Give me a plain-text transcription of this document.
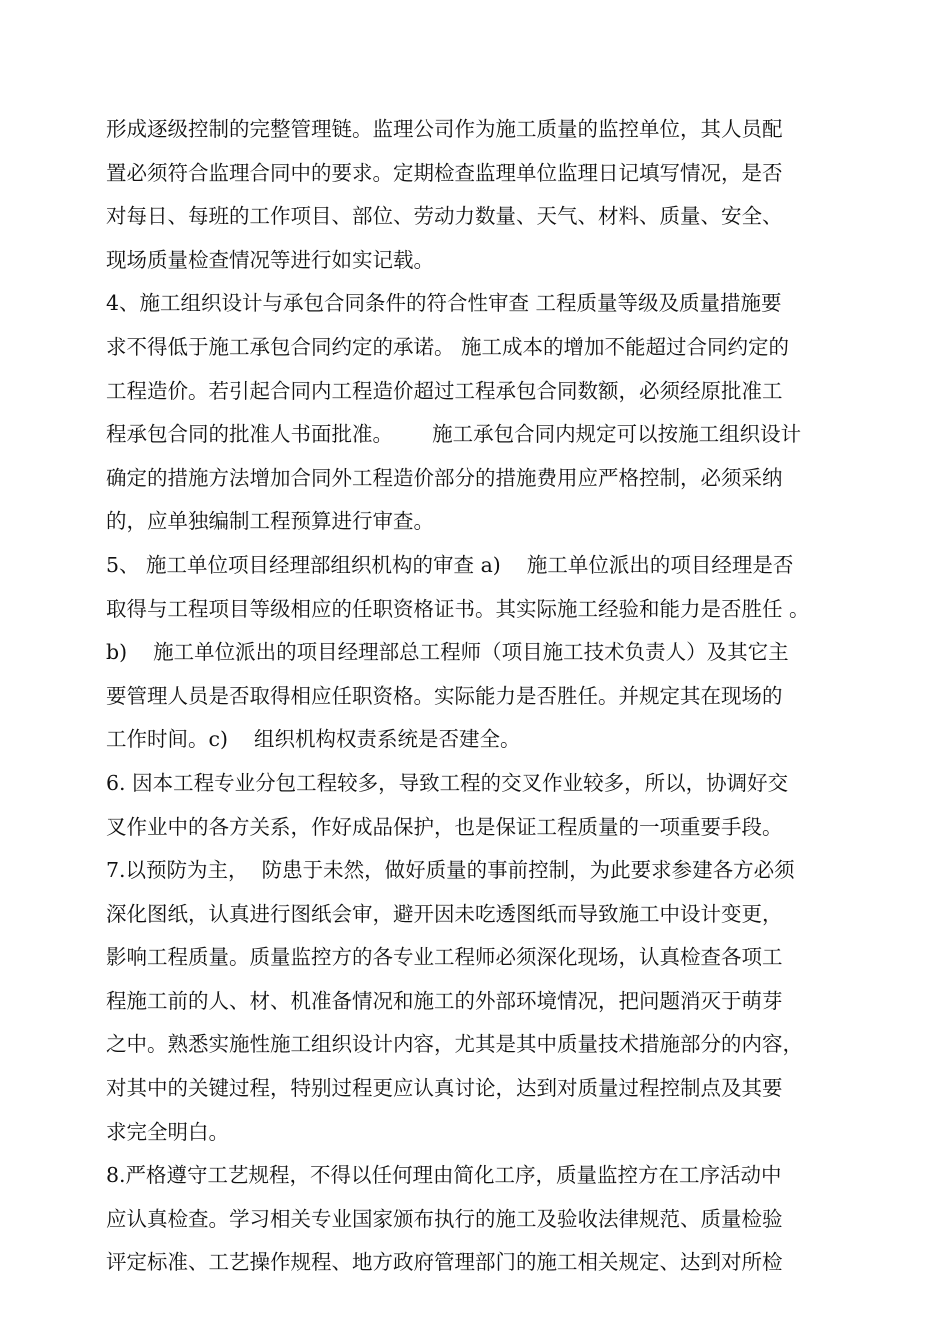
形成逐级控制的完整管理链。监理公司作为施工质量的监控单位，其人员配
置必须符合监理合同中的要求。定期检查监理单位监理日记填写情况，是否
对每日、每班的工作项目、部位、劳动力数量、天气、材料、质量、安全、
现场质量检查情况等进行如实记载。
4、施工组织设计与承包合同条件的符合性审查 工程质量等级及质量措施要
求不得低于施工承包合同约定的承诺。 施工成本的增加不能超过合同约定的
工程造价。若引起合同内工程造价超过工程承包合同数额，必须经原批准工
程承包合同的批准人书面批准。      施工承包合同内规定可以按施工组织设计
确定的措施方法增加合同外工程造价部分的措施费用应严格控制，必须采纳
的，应单独编制工程预算进行审查。
5、 施工单位项目经理部组织机构的审查 a)    施工单位派出的项目经理是否
取得与工程项目等级相应的任职资格证书。其实际施工经验和能力是否胜任 。
b)    施工单位派出的项目经理部总工程师（项目施工技术负责人）及其它主
要管理人员是否取得相应任职资格。实际能力是否胜任。并规定其在现场的
工作时间。c)    组织机构权责系统是否建全。
6. 因本工程专业分包工程较多，导致工程的交叉作业较多，所以，协调好交
叉作业中的各方关系，作好成品保护，也是保证工程质量的一项重要手段。
7.以预防为主，  防患于未然，做好质量的事前控制，为此要求参建各方必须
深化图纸，认真进行图纸会审，避开因未吃透图纸而导致施工中设计变更，
影响工程质量。质量监控方的各专业工程师必须深化现场，认真检查各项工
程施工前的人、材、机准备情况和施工的外部环境情况，把问题消灭于萌芽
之中。熟悉实施性施工组织设计内容，尤其是其中质量技术措施部分的内容，
对其中的关键过程，特别过程更应认真讨论，达到对质量过程控制点及其要
求完全明白。
8.严格遵守工艺规程，不得以任何理由简化工序，质量监控方在工序活动中
应认真检查。学习相关专业国家颁布执行的施工及验收法律规范、质量检验
评定标准、工艺操作规程、地方政府管理部门的施工相关规定、达到对所检
